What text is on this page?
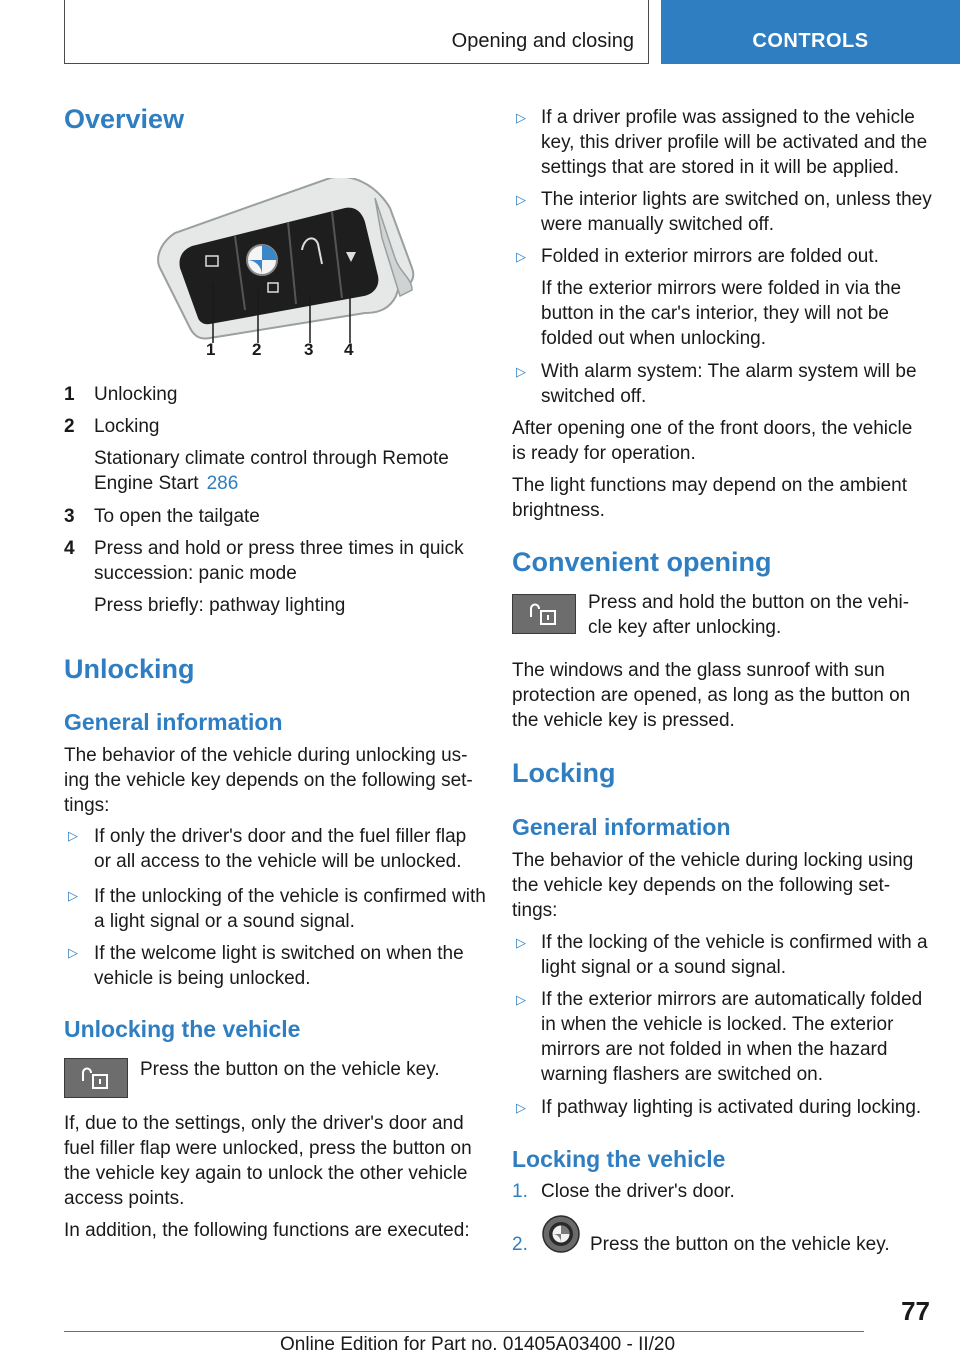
Opening and closing	CONTROLS
Overview
1 2	3 4
1 Unlocking
2 Locking
Stationary climate control through Remote Engine Start 286
3 To open the tailgate
4 Press and hold or press three times in quick succession: panic mode
Press briefly: pathway lighting
Unlocking
General information
The behavior of the vehicle during unlocking us-ing the vehicle key depends on the following set-tings:
▷ If only the driver's door and the fuel filler flap or all access to the vehicle will be unlocked.
▷ If the unlocking of the vehicle is confirmed with a light signal or a sound signal.
▷ If the welcome light is switched on when the vehicle is being unlocked.
Unlocking the vehicle
Press the button on the vehicle key.
If, due to the settings, only the driver's door and fuel filler flap were unlocked, press the button on the vehicle key again to unlock the other vehicle access points.
In addition, the following functions are executed:
▷ If a driver profile was assigned to the vehicle key, this driver profile will be activated and the settings that are stored in it will be applied.
▷ The interior lights are switched on, unless they were manually switched off.
▷ Folded in exterior mirrors are folded out.
If the exterior mirrors were folded in via the button in the car's interior, they will not be folded out when unlocking.
▷ With alarm system: The alarm system will be switched off.
After opening one of the front doors, the vehicle is ready for operation.
The light functions may depend on the ambient brightness.
Convenient opening
Press and hold the button on the vehi-cle key after unlocking.
The windows and the glass sunroof with sun protection are opened, as long as the button on the vehicle key is pressed.
Locking
General information
The behavior of the vehicle during locking using the vehicle key depends on the following set-tings:
▷ If the locking of the vehicle is confirmed with a light signal or a sound signal.
▷ If the exterior mirrors are automatically folded in when the vehicle is locked. The exterior mirrors are not folded in when the hazard warning flashers are switched on.
▷ If pathway lighting is activated during locking.
Locking the vehicle
1. Close the driver's door.
2.	Press the button on the vehicle key.
77
Online Edition for Part no. 01405A03400 - II/20
